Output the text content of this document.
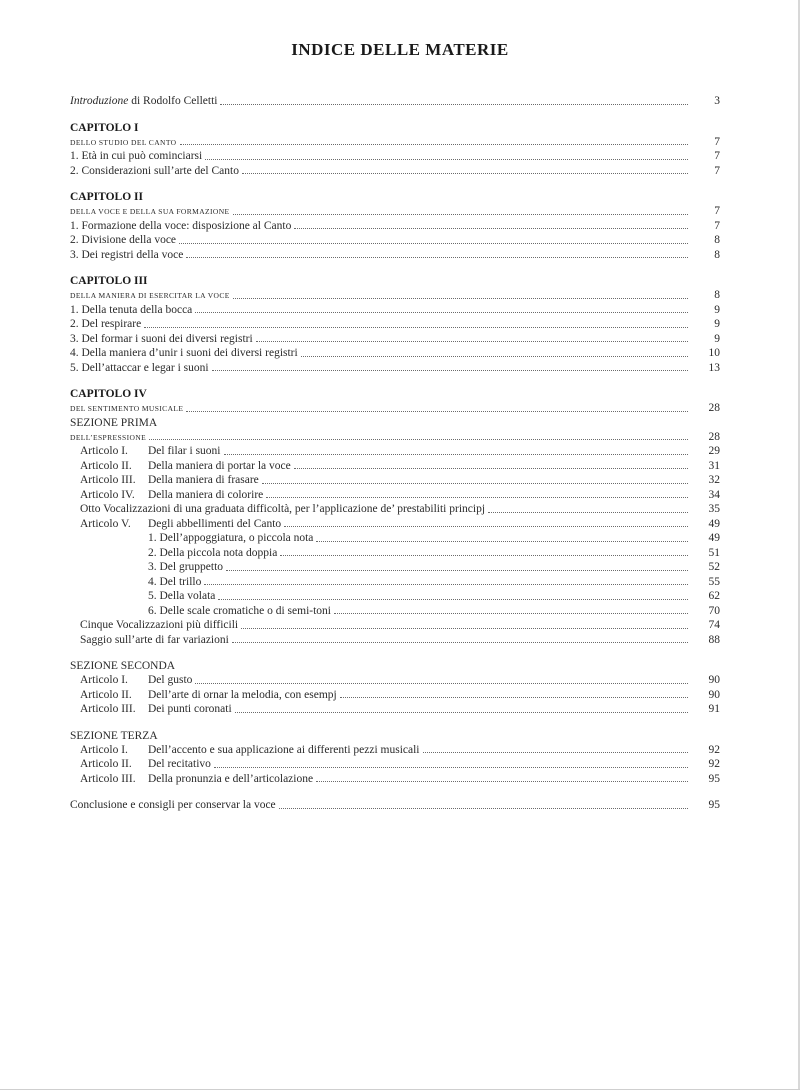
INDICE DELLE MATERIE
Introduzione di Rodolfo Celletti	3
CAPITOLO I
DELLO STUDIO DEL CANTO	7
1. Età in cui può cominciarsi	7
2. Considerazioni sull’arte del Canto	7
CAPITOLO II
DELLA VOCE E DELLA SUA FORMAZIONE	7
1. Formazione della voce: disposizione al Canto	7
2. Divisione della voce	8
3. Dei registri della voce	8
CAPITOLO III
DELLA MANIERA DI ESERCITAR LA VOCE	8
1. Della tenuta della bocca	9
2. Del respirare	9
3. Del formar i suoni dei diversi registri	9
4. Della maniera d’unir i suoni dei diversi registri	10
5. Dell’attaccar e legar i suoni	13
CAPITOLO IV
DEL SENTIMENTO MUSICALE	28
SEZIONE PRIMA
DELL’ESPRESSIONE	28
Articolo I. Del filar i suoni	29
Articolo II. Della maniera di portar la voce	31
Articolo III. Della maniera di frasare	32
Articolo IV. Della maniera di colorire	34
Otto Vocalizzazioni di una graduata difficoltà, per l’applicazione de’ prestabiliti principj	35
Articolo V. Degli abbellimenti del Canto	49
1. Dell’appoggiatura, o piccola nota	49
2. Della piccola nota doppia	51
3. Del gruppetto	52
4. Del trillo	55
5. Della volata	62
6. Delle scale cromatiche o di semi-toni	70
Cinque Vocalizzazioni più difficili	74
Saggio sull’arte di far variazioni	88
SEZIONE SECONDA
Articolo I. Del gusto	90
Articolo II. Dell’arte di ornar la melodia, con esempj	90
Articolo III. Dei punti coronati	91
SEZIONE TERZA
Articolo I. Dell’accento e sua applicazione ai differenti pezzi musicali	92
Articolo II. Del recitativo	92
Articolo III. Della pronunzia e dell’articolazione	95
Conclusione e consigli per conservar la voce	95
